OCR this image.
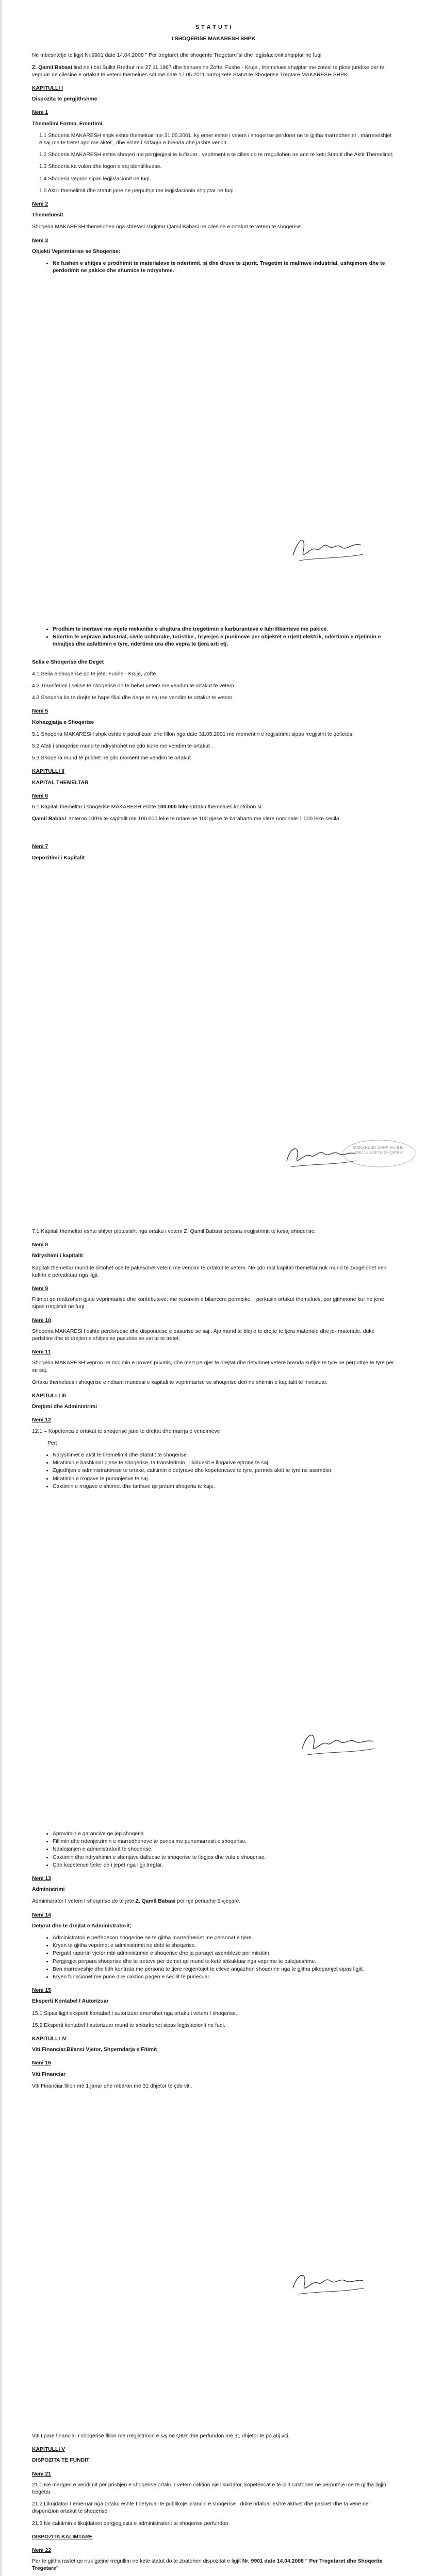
S T A T U T I

I SHOQERISE MAKARESH SHPK

Ne mbeshtetje te ligjit Nr.9901 date 14.04.2008 " Per tregtaret dhe shoqerite Tregetare"si dhe legjislacionit shqiptar ne fuqi

Z. Qamil Babasi lind ne i biri Sulltit Rrethur me 27.11.1967 dhe banues ne Zofte, Fushe - Kruje , themelues shqiptar me zotesi te plote juridike per te vepruar ne cilesine e ortakut te vetem themelues sot me date 17.05.2011 hartoj kete Statut te Shoqerise Tregtare MAKARESH SHPK.

KAPITULLI I

Dispozita te pergjithshme

Neni 1

Themelimi Forma, Emertimi

1.1 Shoqeria MAKARESH shpk eshte themeluar me 31.05.2001, ky emer eshte i vetem i shoqerise perdoret ne te gjitha marredheniet , marreveshjet e saj me te tretet apo me aktet , dhe eshte i shfaqur e brenda dhe jashte vendit.

1.2 Shoqeria MAKARESH eshte shoqeri me pergjegjesi te kufizuar , vepriment e te cilies do te rregullohen ne ane te ketij Statuti dhe Aktit Themelimit;

1.3 Shoqeria ka vulen dhe logon e saj identifikuese.

1.4 Shoqeria vepron sipas legjislacionit ne fuqi.

1.5 Akti i themelimit dhe statuti jane ne perputhje me legjislacionin shqiptar ne fuqi .

Neni 2

Themeluesit

Shoqeria MAKARESH themelohen nga shtetasi shqiptar Qamil Babasi ne cilesine e ortakut te vetem te shoqerise.

Neni 3

Objekti Veprimtarise se Shoqerise:

• Ne fushen e shitjes e prodhimit te materialeve te ndertimit, si dhe druve te zjarrit. Tregetim te mallrave industrial, ushqimore dhe te perdorimit ne pakice dhe shumice te ndryshme.
• Prodhim te inertave me mjete mekanike e shqitura dhe tregetimin e karburanteve e lubrifikanteve me pakice.
• Ndertim te veprave industrial, civile ushtarake, turistike , hryerjes e punimeve per objektet e rrjetit elektrik, ndertimin e rrjetimin e mbajtjes dhe asfaltimin e tyre, ndertime ura dhe vepra te tjera arti etj.

Selia e Shoqerise dhe Deget

4.1 Selia e shoqerise do te jete: Fushe - Kruje, Zofte

4.2 Transferimi i selise te shoqerise do te behet vetem me vendim te ortakut te vetem.

4.3 Shoqeria ka te drejte te hape filial dhe dege te saj me vendim te ortakut te vetem.

Neni 5

Kohezgjatja e Shoqerise

5.1 Shoqeria MAKARESH shpk eshte e pakufizuar dhe fillon nga date 31.05.2001 me momentin e regjistrimit sipas rregjistrit te qeltetes.

5.2 Afati i shoqerise mund te ndryshohet ne çdo kohe me vendim te ortakut .

5.3 Shoqeria mund te prishet ne çdo moment me vendim te ortakut

KAPITULLI II

KAPITAL THEMELTAR

Neni 6

6.1 Kapitali themeltar i shoqerise MAKARESH eshte 100.000 leke Ortaku themelues kontribon si:

Qamil Babasi: zoteron 100% te kapitalit me 100.000 leke te ndare ne 100 pjese te barabarta me vlere nominale 1.000 leke secila

Neni 7

Depozitimi i Kapitalit

MAKARESH SHPK FUSHE-KRUJE ZOFTE SHQIPERI

7.1 Kapitali themeltar eshte shlyer plotesisht nga ortaku i vetem Z. Qamil Babasi perpara rregjistrimit te kesaj shoqerise.

Neni 8

Ndryshimi i kapitalit

Kapitali themeltar mund te shtohet ose te pakesohet vetem me vendim te ortakut te vetem. Ne çdo rast kapitali themeltar nuk mund te zvogelohet nen kufirin e percaktuar nga ligji.

Neni 9

Fitimet qe realizohen gjate veprimtarise dhe kontributeve: me rezervim e bilancere permbike, I perkasin ortakut themelues, por gjithmonë kur ne jene sipas rregjistrit ne fuqi.

Neni 10

Shoqeria MAKARESH eshte perdoruese dhe disponuese e pasurise se saj . Ajo mund te blej e te drejte te tjera materiale dhe jo- materiale, duke perfshire dhe te drejten e shitjes se pasurise se vet te te tretet.

Neni 11

Shoqeria MAKARESH vepron ne mojimin e proves privatis, dhe mert pergjer te drejtat dhe detyrimet vetere brenda kufijve te tyre ne perputhje te tyre per se saj.

Ortaku themelues i shoqerise e ndiaen mundesi e kapitali te veprimtarise se shoqerise deri ne shtimin e kapitalit te investuar.

KAPITULLI III

Drejtimi dhe Administrimi

Neni 12

12.1 – Kopetenca e ortakut te shoqerise jane te drejtat dhe marrja e vendimeve

Per:

• Ndryshimet e aktit te themelimit dhe Statutit te shoqerise
• Miratimin e bashkimit pjese te shoqerise, ta transferimin , likiduesit e llogarive ejtrone te saj.
• Zgjedhjen e administratorese te ortake, caktimin e detyrave dhe kopetencave te tyre, permes aktit te tyre ne asembler.
• Miratimin e rrogave te punonjesve te saj.
• Caktimin e rrogave e shtimet dhe tarifave qe pritum shoqeria te kaje.
• Aprovimin e garancive qe jep shoqeria
• Fillimin dhe ndenjerzimin e marredheneve te punes me punemarresit e shoqerise.
• Ndalojanjen e administratorit te shoqerise.
• Caktimin dhe ndryshimin e shenjave dalluese te shoqerise te llogjos dhe vula e shoqerise.
• Çdo kopetence tjeter qe i jepet nga ligji tregtar.

Neni 13

Administrimi

Administrator I vetem I shoqerise do te jete Z. Qamil Babasi per nje periudhe 5 vjeçare.

Neni 14

Detyrat dhe te drejtat e Administratorit;

• Administratori e perfaqeson shoqerine ne te gjitha marredheniet me personat e tjere.
• Kryen te gjitha veprimet e administrimit ne dobi te shoqerise.
• Pergatit raportin vjetor mbi administrimin e shoqerise dhe ja paraqet asembleze per miratim.
• Pergjegjet perpara shoqerise dhe te treteve per demet qe mund te keté shkaktuar nga veprime te palejueshme.
• Ben marreveshje dhe lidh kontrata me persona te tjere regjentojet te cileve angazhon shoqerine nga te gjitha pikepamjet sipas ligjit.
• Kryen funksionet me pune dhe caktion pagen e secilit te punesuar.

Neni 15

Eksperti Kontabel I Autorizuar

15.1 Sipas ligjit eksperti kontabel I autorizuar emerohet nga ortaku i vetem I shoqerise.

15.2 Eksperti kontabel I autorizuar mund te shkarkohet sipas legjislacionit ne fuqi.

KAPITULLI IV

Viti Financiar,Bilanci Vjetor, Shperndarja e Fitimit

Neni 16

Viti Financiar

Viti Financiar fillon me 1 janar dhe mbaron me 31 dhjetor te çdo viti.

Viti I pare financiar I shoqerise fillon me rregjistrimin e saj ne QKR dhe perfundon me 31 dhjetor te po atij viti.

KAPITULLI V

DISPOZITA TE FUNDIT

Neni 21

21.1 Ne margjen e vendimit per prishjen e shoqerise ortaku I vetem caktion nje likuidator, kopetencat e te cilit caktohen ne perputhje me te gjitha ligjin tregetar.

21.2 Likujdatori I emeruar nga ortaku eshte I detyruar te publikoje bilancin e shoqerise , duke ndaluar eshte aktivet dhe pasivet dhe ta vene ne disponizion ortakut te shoqerise.

21.3 Ne caktimin e likujdatorit pergjegjesia e administratorit te shoqerise perfundon.

DISPOZITA KALIMTARE

Neni 22

Per te gjitha rastet qe nuk gjejne rregullim ne kete statut do te zbatohen dispozitat e ligjit Nr. 9901 date 14.04.2008 " Per Tregetaret dhe Shoqerite Tregetare"
